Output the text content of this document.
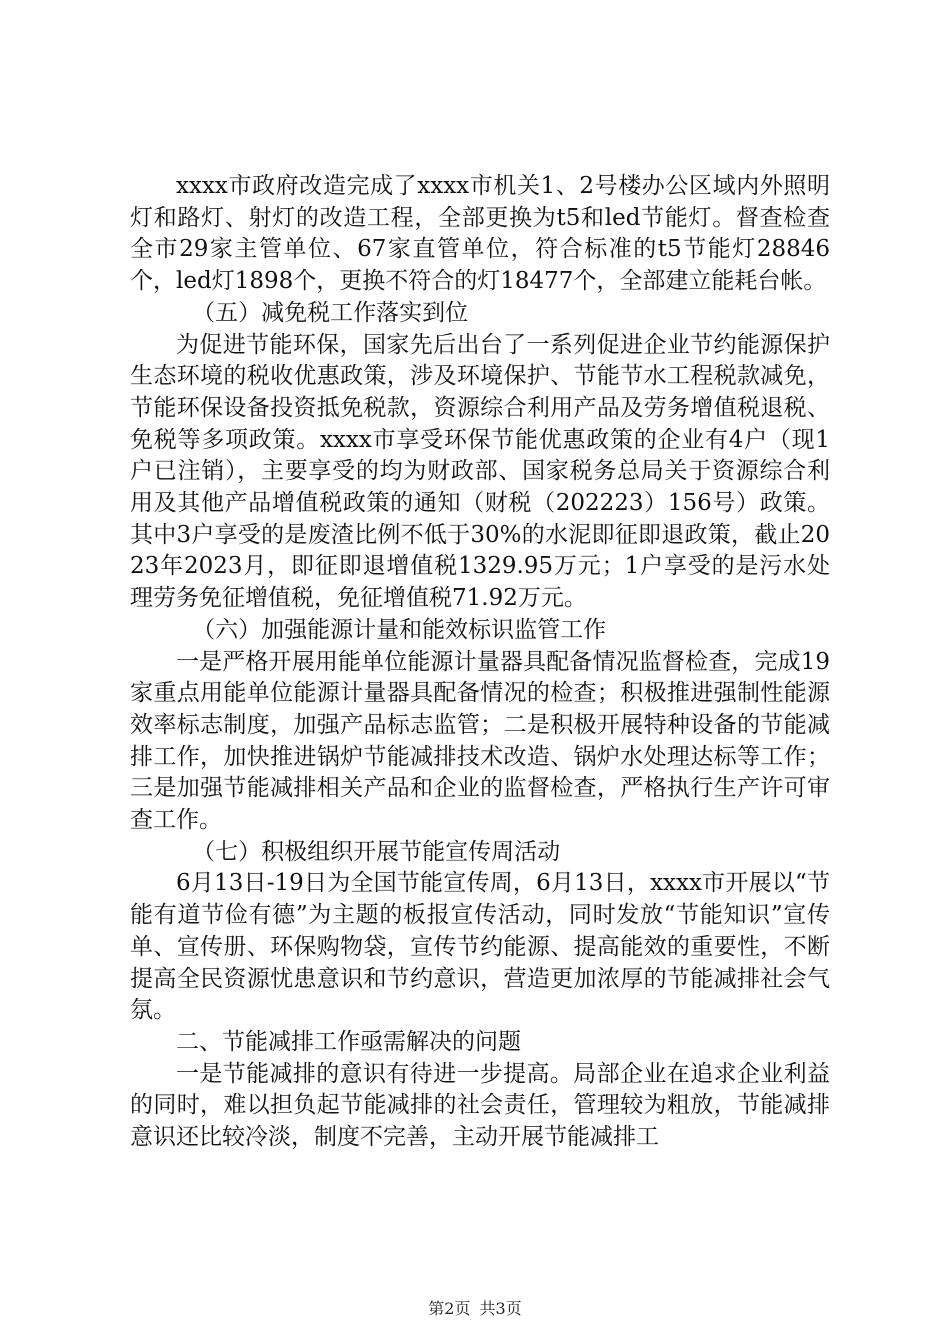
xxxx市政府改造完成了xxxx市机关1、2号楼办公区域内外照明灯和路灯、射灯的改造工程，全部更换为t5和led节能灯。督查检查全市29家主管单位、67家直管单位，符合标准的t5节能灯28846个，led灯1898个，更换不符合的灯18477个，全部建立能耗台帐。

（五）减免税工作落实到位

为促进节能环保，国家先后出台了一系列促进企业节约能源保护生态环境的税收优惠政策，涉及环境保护、节能节水工程税款减免，节能环保设备投资抵免税款，资源综合利用产品及劳务增值税退税、免税等多项政策。xxxx市享受环保节能优惠政策的企业有4户（现1户已注销），主要享受的均为财政部、国家税务总局关于资源综合利用及其他产品增值税政策的通知（财税（202223）156号）政策。其中3户享受的是废渣比例不低于30%的水泥即征即退政策，截止2023年2023月，即征即退增值税1329.95万元；1户享受的是污水处理劳务免征增值税，免征增值税71.92万元。

（六）加强能源计量和能效标识监管工作

一是严格开展用能单位能源计量器具配备情况监督检查，完成19家重点用能单位能源计量器具配备情况的检查；积极推进强制性能源效率标志制度，加强产品标志监管；二是积极开展特种设备的节能减排工作，加快推进锅炉节能减排技术改造、锅炉水处理达标等工作；三是加强节能减排相关产品和企业的监督检查，严格执行生产许可审查工作。

（七）积极组织开展节能宣传周活动

6月13日-19日为全国节能宣传周，6月13日，xxxx市开展以“节能有道节俭有德”为主题的板报宣传活动，同时发放“节能知识”宣传单、宣传册、环保购物袋，宣传节约能源、提高能效的重要性，不断提高全民资源忧患意识和节约意识，营造更加浓厚的节能减排社会气氛。

二、节能减排工作亟需解决的问题

一是节能减排的意识有待进一步提高。局部企业在追求企业利益的同时，难以担负起节能减排的社会责任，管理较为粗放，节能减排意识还比较冷淡，制度不完善，主动开展节能减排工

第2页 共3页
